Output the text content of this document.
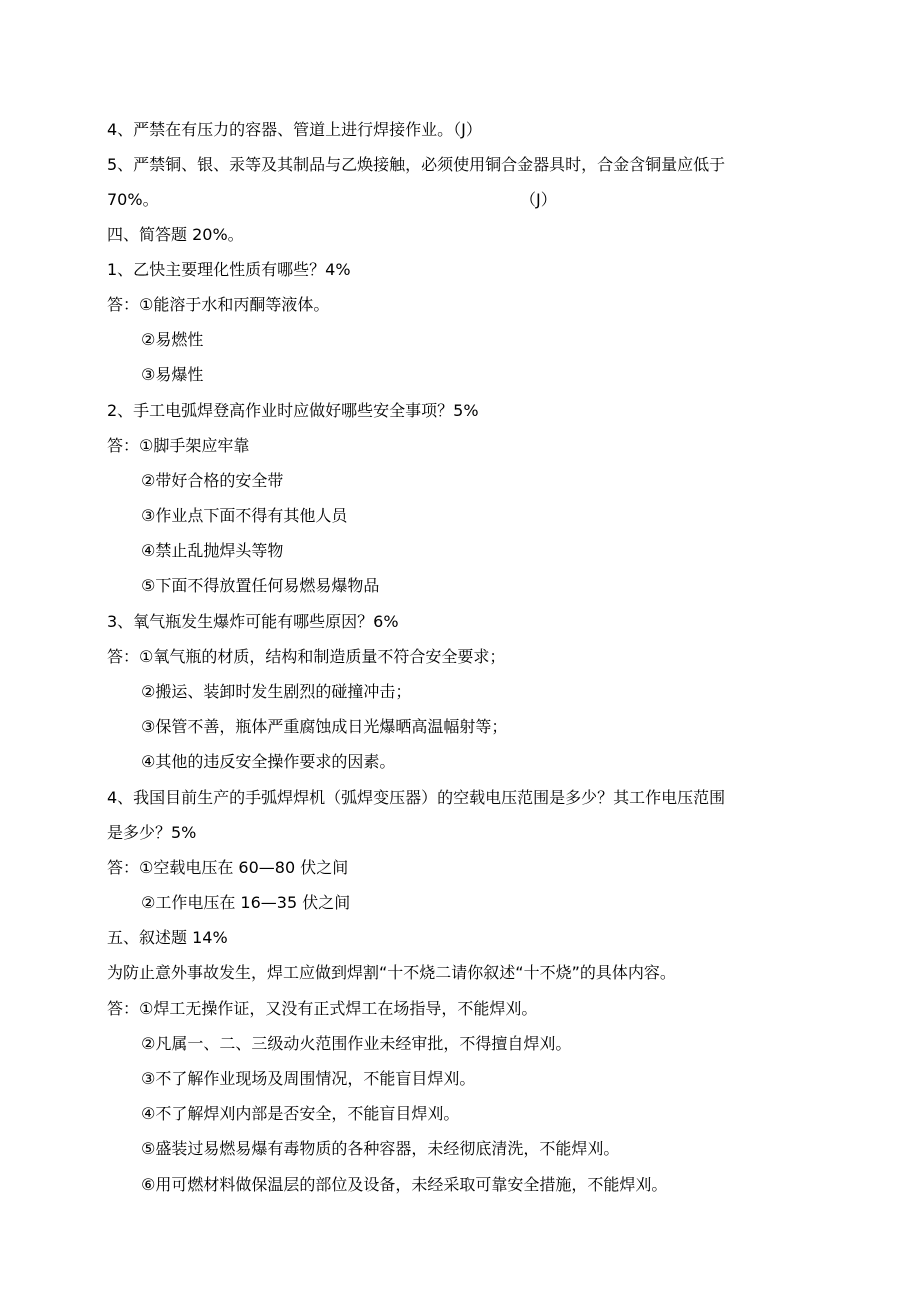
4、严禁在有压力的容器、管道上进行焊接作业。（J）
5、严禁铜、银、汞等及其制品与乙焕接触，必须使用铜合金器具时，合金含铜量应低于
70%。	（J）
四、简答题 20%。
1、乙快主要理化性质有哪些？4%
答：①能溶于水和丙酮等液体。
②易燃性
③易爆性
2、手工电弧焊登高作业时应做好哪些安全事项？5%
答：①脚手架应牢靠
②带好合格的安全带
③作业点下面不得有其他人员
④禁止乱抛焊头等物
⑤下面不得放置任何易燃易爆物品
3、氧气瓶发生爆炸可能有哪些原因？6%
答：①氧气瓶的材质，结构和制造质量不符合安全要求；
②搬运、装卸时发生剧烈的碰撞冲击；
③保管不善，瓶体严重腐蚀成日光爆晒高温幅射等；
④其他的违反安全操作要求的因素。
4、我国目前生产的手弧焊焊机（弧焊变压器）的空载电压范围是多少？其工作电压范围
是多少？5%
答：①空载电压在 60—80 伏之间
②工作电压在 16—35 伏之间
五、叙述题 14%
为防止意外事故发生，焊工应做到焊割“十不烧二请你叙述“十不烧”的具体内容。
答：①焊工无操作证，又没有正式焊工在场指导，不能焊刈。
②凡属一、二、三级动火范围作业未经审批，不得擅自焊刈。
③不了解作业现场及周围情况，不能盲目焊刈。
④不了解焊刈内部是否安全，不能盲目焊刈。
⑤盛装过易燃易爆有毒物质的各种容器，未经彻底清洗，不能焊刈。
⑥用可燃材料做保温层的部位及设备，未经采取可靠安全措施，不能焊刈。
